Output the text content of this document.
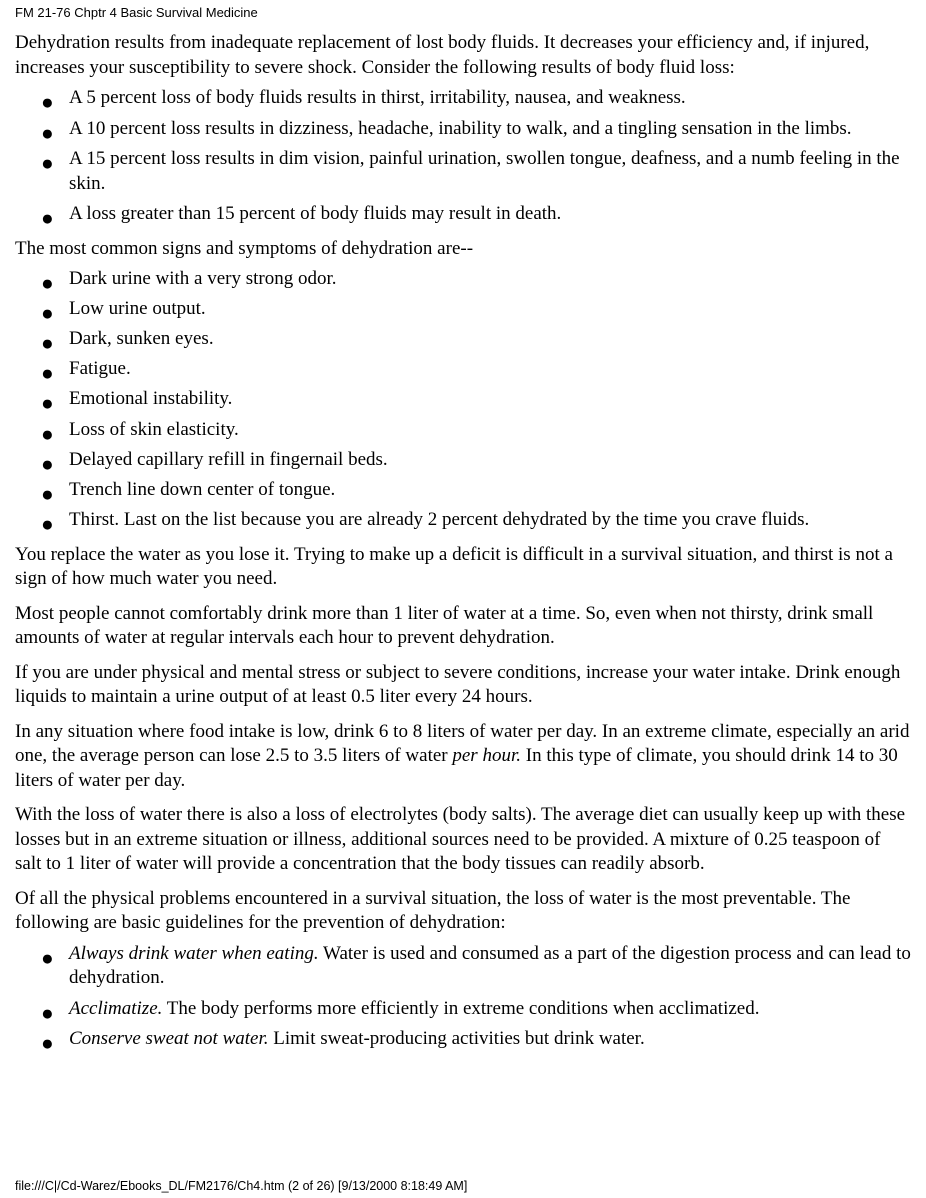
FM 21-76 Chptr 4 Basic Survival Medicine

Dehydration results from inadequate replacement of lost body fluids. It decreases your efficiency and, if injured, increases your susceptibility to severe shock. Consider the following results of body fluid loss:

●
A 5 percent loss of body fluids results in thirst, irritability, nausea, and weakness.
●
A 10 percent loss results in dizziness, headache, inability to walk, and a tingling sensation in the limbs.
●
A 15 percent loss results in dim vision, painful urination, swollen tongue, deafness, and a numb feeling in the skin.
●
A loss greater than 15 percent of body fluids may result in death.

The most common signs and symptoms of dehydration are--

●
Dark urine with a very strong odor.
●
Low urine output.
●
Dark, sunken eyes.
●
Fatigue.
●
Emotional instability.
●
Loss of skin elasticity.
●
Delayed capillary refill in fingernail beds.
●
Trench line down center of tongue.
●
Thirst. Last on the list because you are already 2 percent dehydrated by the time you crave fluids.

You replace the water as you lose it. Trying to make up a deficit is difficult in a survival situation, and thirst is not a sign of how much water you need.

Most people cannot comfortably drink more than 1 liter of water at a time. So, even when not thirsty, drink small amounts of water at regular intervals each hour to prevent dehydration.

If you are under physical and mental stress or subject to severe conditions, increase your water intake. Drink enough liquids to maintain a urine output of at least 0.5 liter every 24 hours.

In any situation where food intake is low, drink 6 to 8 liters of water per day. In an extreme climate, especially an arid one, the average person can lose 2.5 to 3.5 liters of water per hour. In this type of climate, you should drink 14 to 30 liters of water per day.

With the loss of water there is also a loss of electrolytes (body salts). The average diet can usually keep up with these losses but in an extreme situation or illness, additional sources need to be provided. A mixture of 0.25 teaspoon of salt to 1 liter of water will provide a concentration that the body tissues can readily absorb.

Of all the physical problems encountered in a survival situation, the loss of water is the most preventable. The following are basic guidelines for the prevention of dehydration:

●
Always drink water when eating. Water is used and consumed as a part of the digestion process and can lead to dehydration.
●
Acclimatize. The body performs more efficiently in extreme conditions when acclimatized.
●
Conserve sweat not water. Limit sweat-producing activities but drink water.
file:///C|/Cd-Warez/Ebooks_DL/FM2176/Ch4.htm (2 of 26) [9/13/2000 8:18:49 AM]
